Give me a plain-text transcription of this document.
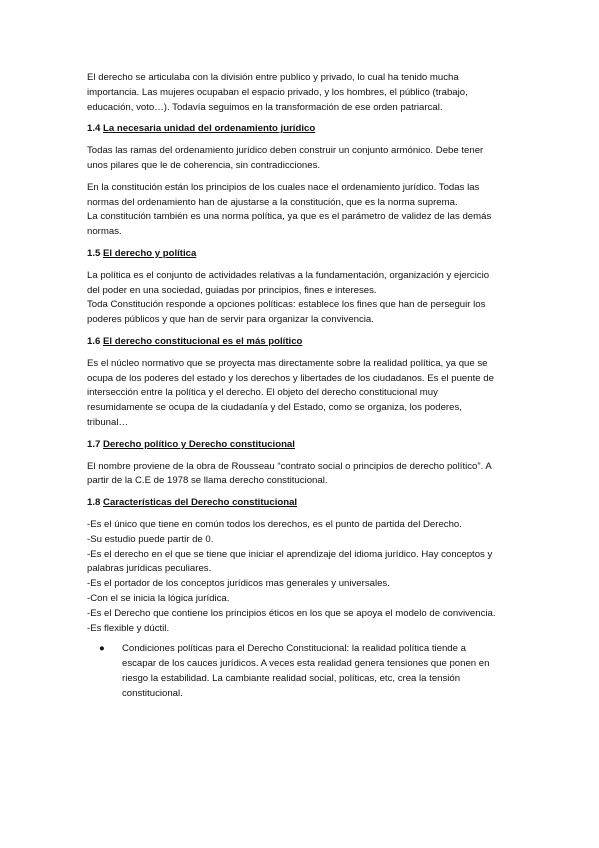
El derecho se articulaba con la división entre publico y privado, lo cual ha tenido mucha
importancia. Las mujeres ocupaban el espacio privado, y los hombres, el público (trabajo,
educación, voto…). Todavía seguimos en la transformación de ese orden patriarcal.

1.4 La necesaria unidad del ordenamiento jurídico

Todas las ramas del ordenamiento jurídico deben construir un conjunto armónico. Debe tener
unos pilares que le de coherencia, sin contradicciones.

En la constitución están los principios de los cuales nace el ordenamiento jurídico. Todas las
normas del ordenamiento han de ajustarse a la constitución, que es la norma suprema.
La constitución también es una norma política, ya que es el parámetro de validez de las demás
normas.

1.5 El derecho y política

La política es el conjunto de actividades relativas a la fundamentación, organización y ejercicio
del poder en una sociedad, guiadas por principios, fines e intereses.
Toda Constitución responde a opciones políticas: establece los fines que han de perseguir los
poderes públicos y que han de servir para organizar la convivencia.

1.6 El derecho constitucional es el más político

Es el núcleo normativo que se proyecta mas directamente sobre la realidad política, ya que se
ocupa de los poderes del estado y los derechos y libertades de los ciudadanos. Es el puente de
intersección entre la política y el derecho. El objeto del derecho constitucional muy
resumidamente se ocupa de la ciudadanía y del Estado, como se organiza, los poderes,
tribunal…

1.7 Derecho político y Derecho constitucional

El nombre proviene de la obra de Rousseau “contrato social o principios de derecho político”. A
partir de la C.E de 1978 se llama derecho constitucional.

1.8 Características del Derecho constitucional

-Es el único que tiene en común todos los derechos, es el punto de partida del Derecho.
-Su estudio puede partir de 0.
-Es el derecho en el que se tiene que iniciar el aprendizaje del idioma jurídico. Hay conceptos y
palabras jurídicas peculiares.
-Es el portador de los conceptos jurídicos mas generales y universales.
-Con el se inicia la lógica jurídica.
-Es el Derecho que contiene los principios éticos en los que se apoya el modelo de convivencia.
-Es flexible y dúctil.

● Condiciones políticas para el Derecho Constitucional: la realidad política tiende a
escapar de los cauces jurídicos. A veces esta realidad genera tensiones que ponen en
riesgo la estabilidad. La cambiante realidad social, políticas, etc, crea la tensión
constitucional.
